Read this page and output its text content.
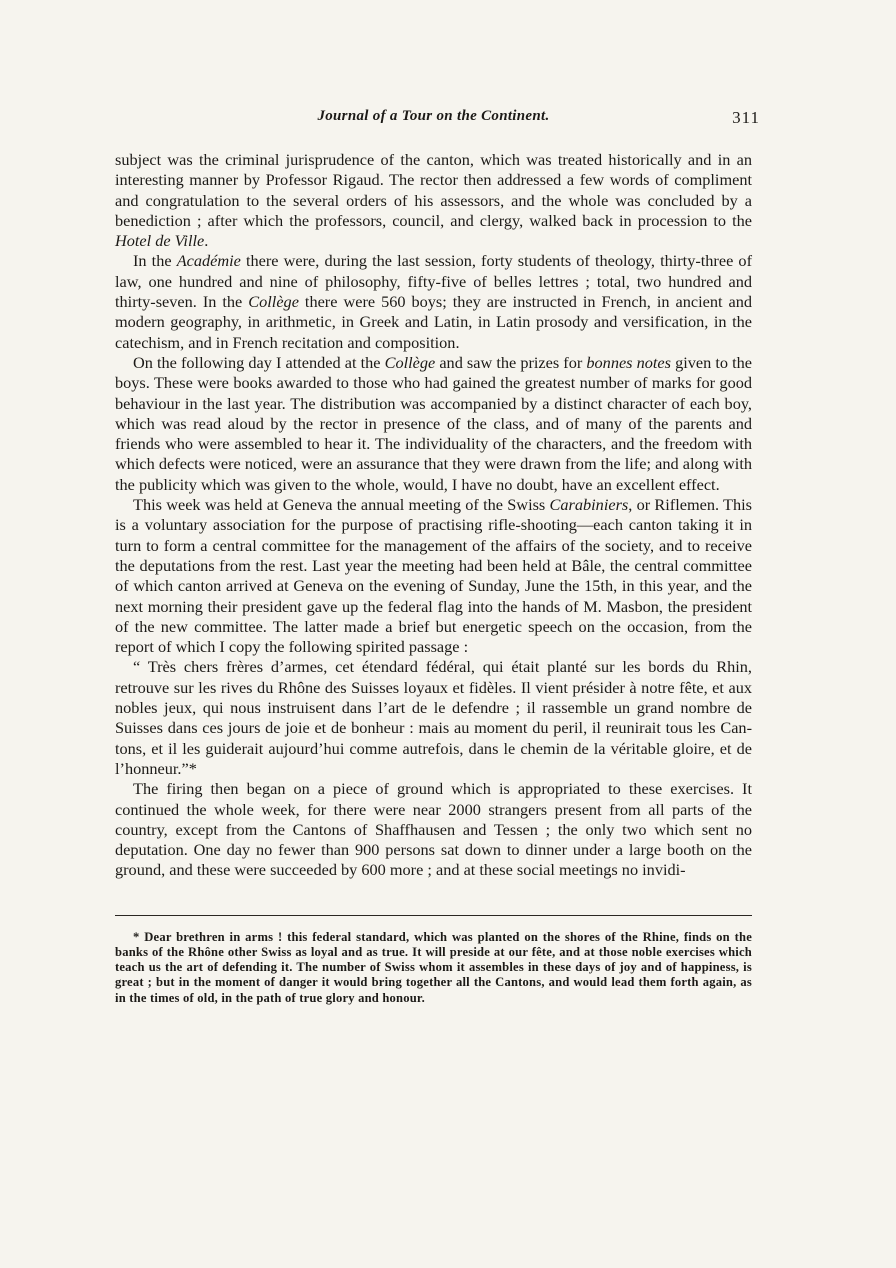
Journal of a Tour on the Continent.	311

subject was the criminal jurisprudence of the canton, which was treated historically and in an interesting manner by Professor Rigaud. The rector then addressed a few words of compliment and congratulation to the several orders of his assessors, and the whole was concluded by a benediction ; after which the professors, council, and clergy, walked back in procession to the Hotel de Ville.

In the Académie there were, during the last session, forty students of theology, thirty-three of law, one hundred and nine of philosophy, fifty-five of belles lettres ; total, two hundred and thirty-seven. In the Collège there were 560 boys; they are instructed in French, in ancient and modern geography, in arithmetic, in Greek and Latin, in Latin prosody and versification, in the catechism, and in French recitation and composition.

On the following day I attended at the Collège and saw the prizes for bonnes notes given to the boys. These were books awarded to those who had gained the greatest number of marks for good behaviour in the last year. The distribution was accompanied by a distinct character of each boy, which was read aloud by the rector in presence of the class, and of many of the parents and friends who were assembled to hear it. The individuality of the characters, and the freedom with which defects were noticed, were an assurance that they were drawn from the life; and along with the publicity which was given to the whole, would, I have no doubt, have an excellent effect.

This week was held at Geneva the annual meeting of the Swiss Carabiniers, or Riflemen. This is a voluntary association for the purpose of practising rifle-shooting—each canton taking it in turn to form a central committee for the management of the affairs of the society, and to receive the deputations from the rest. Last year the meeting had been held at Bâle, the central committee of which canton arrived at Geneva on the evening of Sunday, June the 15th, in this year, and the next morning their president gave up the federal flag into the hands of M. Masbon, the president of the new committee. The latter made a brief but energetic speech on the occasion, from the report of which I copy the following spirited passage :

“ Très chers frères d’armes, cet étendard fédéral, qui était planté sur les bords du Rhin, retrouve sur les rives du Rhône des Suisses loyaux et fidèles. Il vient présider à notre fête, et aux nobles jeux, qui nous instruisent dans l’art de le defendre ; il rassemble un grand nombre de Suisses dans ces jours de joie et de bonheur : mais au moment du peril, il reunirait tous les Cantons, et il les guiderait aujourd’hui comme autrefois, dans le chemin de la véritable gloire, et de l’honneur.”*

The firing then began on a piece of ground which is appropriated to these exercises. It continued the whole week, for there were near 2000 strangers present from all parts of the country, except from the Cantons of Shaffhausen and Tessen ; the only two which sent no deputation. One day no fewer than 900 persons sat down to dinner under a large booth on the ground, and these were succeeded by 600 more ; and at these social meetings no invidi-

* Dear brethren in arms ! this federal standard, which was planted on the shores of the Rhine, finds on the banks of the Rhône other Swiss as loyal and as true. It will preside at our fête, and at those noble exercises which teach us the art of defending it. The number of Swiss whom it assembles in these days of joy and of happiness, is great ; but in the moment of danger it would bring together all the Cantons, and would lead them forth again, as in the times of old, in the path of true glory and honour.
